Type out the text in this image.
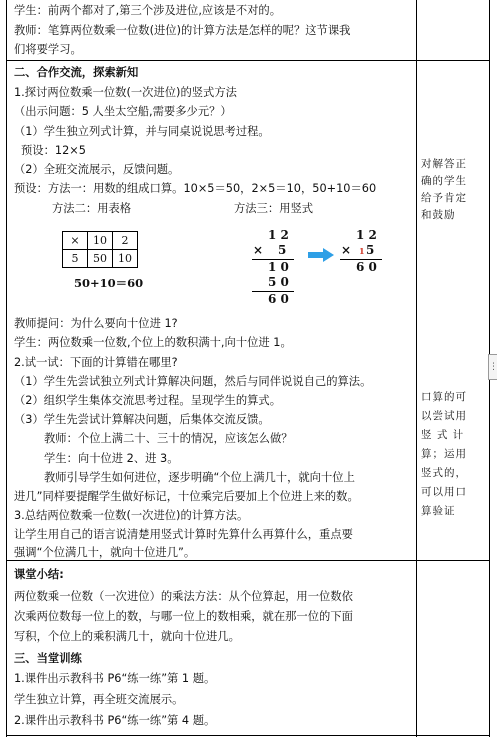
学生：前两个都对了,第三个涉及进位,应该是不对的。
教师：笔算两位数乘一位数(进位)的计算方法是怎样的呢？这节课我
们将要学习。
二、合作交流，探索新知
1.探讨两位数乘一位数(一次进位)的竖式方法
（出示问题：5 人坐太空船,需要多少元？）
（1）学生独立列式计算，并与同桌说说思考过程。
预设：12×5
（2）全班交流展示，反馈问题。
预设：方法一：用数的组成口算。10×5＝50，2×5＝10，50+10＝60
方法二：用表格	方法三：用竖式
×	10	2
5	50	10
50+10＝60
1 2
× 5
1 0
5 0
6 0
1 2
× 1 5
6 0
教师提问：为什么要向十位进 1?
学生：两位数乘一位数,个位上的数积满十,向十位进 1。
2.试一试：下面的计算错在哪里?
（1）学生先尝试独立列式计算解决问题，然后与同伴说说自己的算法。
（2）组织学生集体交流思考过程。呈现学生的算式。
（3）学生先尝试计算解决问题，后集体交流反馈。
教师：个位上满二十、三十的情况，应该怎么做？
学生：向十位进 2、进 3。
教师引导学生如何进位，逐步明确“个位上满几十，就向十位上
进几”同样要提醒学生做好标记，十位乘完后要加上个位进上来的数。
3.总结两位数乘一位数(一次进位)的计算方法。
让学生用自己的语言说清楚用竖式计算时先算什么再算什么，重点要
强调“个位满几十，就向十位进几”。
课堂小结:
两位数乘一位数（一次进位）的乘法方法：从个位算起，用一位数依
次乘两位数每一位上的数，与哪一位上的数相乘，就在那一位的下面
写积，个位上的乘积满几十，就向十位进几。
三、当堂训练
1.课件出示教科书 P6“练一练”第 1 题。
学生独立计算，再全班交流展示。
2.课件出示教科书 P6“练一练”第 4 题。
对解答正
确的学生
给予肯定
和鼓励
口算的可
以尝试用
竖 式 计
算；运用
竖式的，
可以用口
算验证
⋮
